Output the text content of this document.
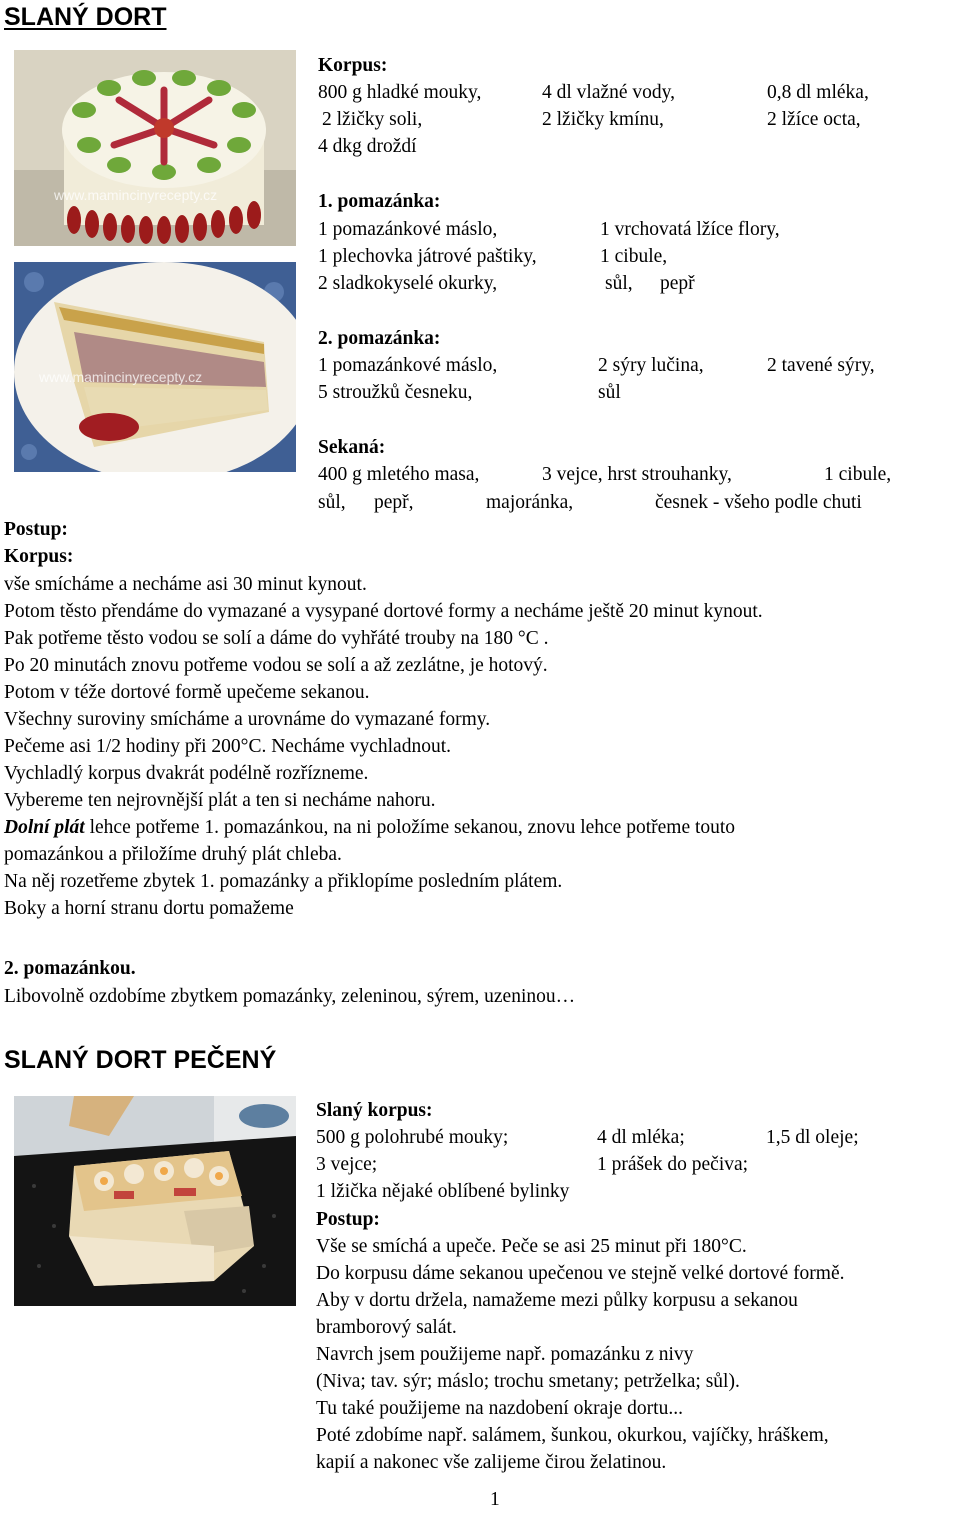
SLANÝ DORT
www.mamincinyrecepty.cz
www.mamincinyrecepty.cz
Korpus:
800 g hladké mouky,	4 dl vlažné vody,	0,8 dl mléka,
2 lžičky soli,	2 lžičky kmínu,	2 lžíce octa,
4 dkg droždí
1. pomazánka:
1 pomazánkové máslo,	1 vrchovatá lžíce flory,
1 plechovka játrové paštiky,	1 cibule,
2 sladkokyselé okurky,	sůl, pepř
2. pomazánka:
1 pomazánkové máslo,	2 sýry lučina,	2 tavené sýry,
5 stroužků česneku,	sůl
Sekaná:
400 g mletého masa,	3 vejce, hrst strouhanky,	1 cibule,
sůl, pepř,	majoránka,	česnek - všeho podle chuti
Postup:
Korpus:
vše smícháme a necháme asi 30 minut kynout.
Potom těsto přendáme do vymazané a vysypané dortové formy a necháme ještě 20 minut kynout.
Pak potřeme těsto vodou se solí a dáme do vyhřáté trouby na 180 °C .
Po 20 minutách znovu potřeme vodou se solí a až zezlátne, je hotový.
Potom v téže dortové formě upečeme sekanou.
Všechny suroviny smícháme a urovnáme do vymazané formy.
Pečeme asi 1/2 hodiny při 200°C. Necháme vychladnout.
Vychladlý korpus dvakrát podélně rozřízneme.
Vybereme ten nejrovnější plát a ten si necháme nahoru.
Dolní plát lehce potřeme 1. pomazánkou, na ni položíme sekanou, znovu lehce potřeme touto
pomazánkou a přiložíme druhý plát chleba.
Na něj rozetřeme zbytek 1. pomazánky a přiklopíme posledním plátem.
Boky a horní stranu dortu pomažeme
2. pomazánkou.
Libovolně ozdobíme zbytkem pomazánky, zeleninou, sýrem, uzeninou…
SLANÝ DORT PEČENÝ
Slaný korpus:
500 g polohrubé mouky;	4 dl mléka;	1,5 dl oleje;
3 vejce;	1 prášek do pečiva;
1 lžička nějaké oblíbené bylinky
Postup:
Vše se smíchá a upeče. Peče se asi 25 minut při 180°C.
Do korpusu dáme sekanou upečenou ve stejně velké dortové formě.
Aby v dortu držela, namažeme mezi půlky korpusu a sekanou
bramborový salát.
Navrch jsem použijeme např. pomazánku z nivy
(Niva; tav. sýr; máslo; trochu smetany; petrželka; sůl).
Tu také použijeme na nazdobení okraje dortu...
Poté zdobíme např. salámem, šunkou, okurkou, vajíčky, hráškem,
kapií a nakonec vše zalijeme čirou želatinou.
1
